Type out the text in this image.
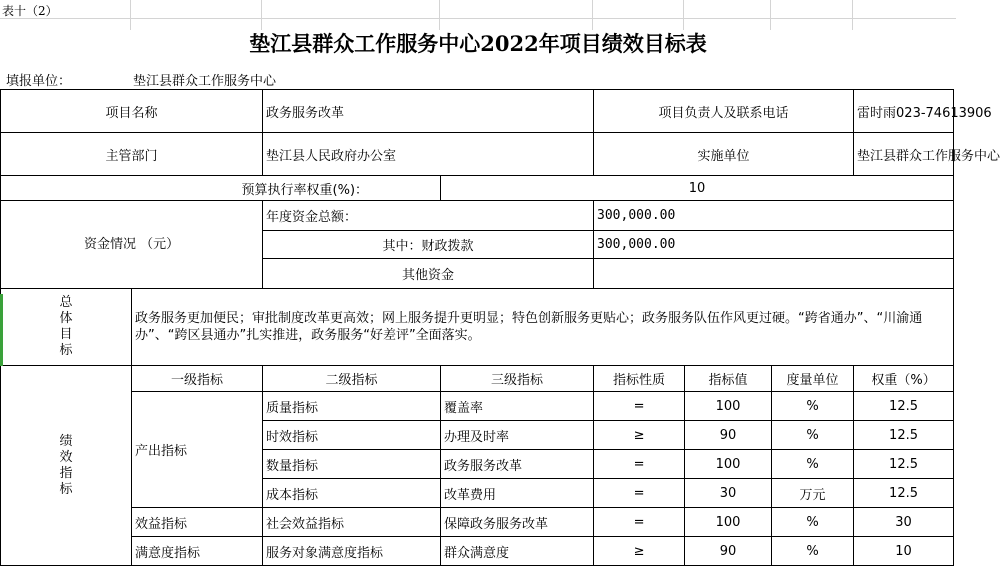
表十（2）
垫江县群众工作服务中心2022年项目绩效目标表
填报单位：	垫江县群众工作服务中心
项目名称		政务服务改革		项目负责人及联系电话			雷时雨023-74613906
主管部门		垫江县人民政府办公室		实施单位			垫江县群众工作服务中心
预算执行率权重(%)：			10				
资金情况 （元）		年度资金总额：		300,000.00			
		其中：财政拨款		300,000.00			
		其他资金					
总体目标	政务服务更加便民；审批制度改革更高效；网上服务提升更明显；特色创新服务更贴心；政务服务队伍作风更过硬。“跨省通办”、“川渝通办”、“跨区县通办”扎实推进，政务服务“好差评”全面落实。						
绩效指标	一级指标	二级指标	三级指标	指标性质	指标值	度量单位	权重（%）
	产出指标	质量指标	覆盖率	=	100	%	12.5
		时效指标	办理及时率	≥	90	%	12.5
		数量指标	政务服务改革	=	100	%	12.5
		成本指标	改革费用	=	30	万元	12.5
	效益指标	社会效益指标	保障政务服务改革	=	100	%	30
	满意度指标	服务对象满意度指标	群众满意度	≥	90	%	10
